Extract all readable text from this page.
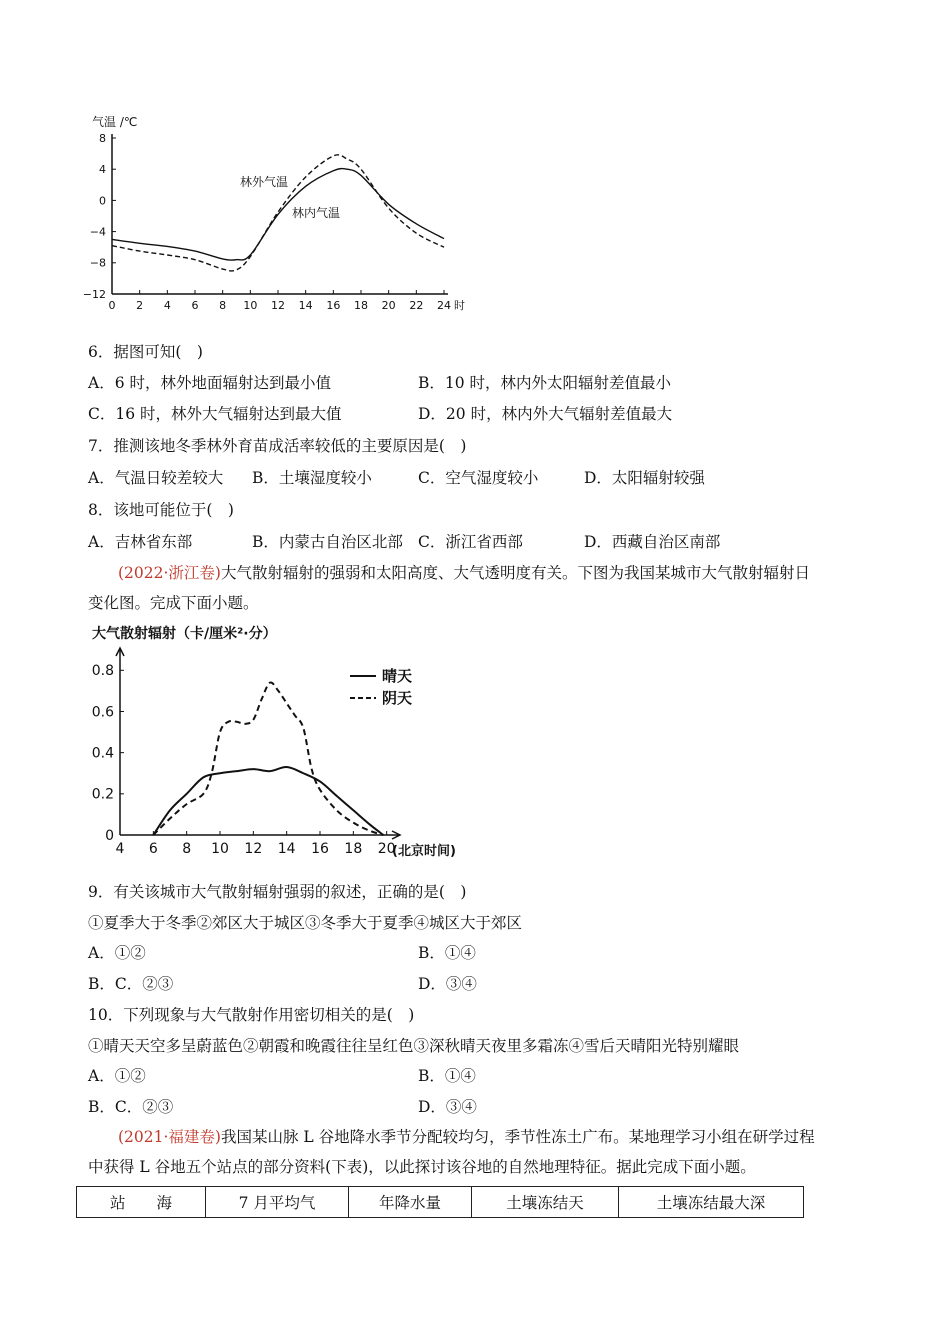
气温 /℃
8
4
0
−4
−8
−12
0 2 4 6 8 10 12 14 16 18 20 22 24 时
林外气温
林内气温
6．据图可知(　)
A．6 时，林外地面辐射达到最小值	B．10 时，林内外太阳辐射差值最小
C．16 时，林外大气辐射达到最大值	D．20 时，林内外大气辐射差值最大
7．推测该地冬季林外育苗成活率较低的主要原因是(　)
A．气温日较差较大 B．土壤湿度较小	C．空气湿度较小	D．太阳辐射较强
8．该地可能位于(　)
A．吉林省东部	B．内蒙古自治区北部 C．浙江省西部	D．西藏自治区南部
(2022·浙江卷)大气散射辐射的强弱和太阳高度、大气透明度有关。下图为我国某城市大气散射辐射日
变化图。完成下面小题。
大气散射辐射（卡/厘米²·分）
0
0.2
0.4
0.6
0.8
4 6 8 10 12 14 16 18 20
晴天
阴天
(北京时间)
9．有关该城市大气散射辐射强弱的叙述，正确的是(　)
①夏季大于冬季②郊区大于城区③冬季大于夏季④城区大于郊区
A．①②	B．①④
B．C．②③	D．③④
10．下列现象与大气散射作用密切相关的是(　)
①晴天天空多呈蔚蓝色②朝霞和晚霞往往呈红色③深秋晴天夜里多霜冻④雪后天晴阳光特别耀眼
A．①②	B．①④
B．C．②③	D．③④
(2021·福建卷)我国某山脉 L 谷地降水季节分配较均匀，季节性冻土广布。某地理学习小组在研学过程
中获得 L 谷地五个站点的部分资料(下表)，以此探讨该谷地的自然地理特征。据此完成下面小题。
站　　海	7 月平均气	年降水量	土壤冻结天	土壤冻结最大深
